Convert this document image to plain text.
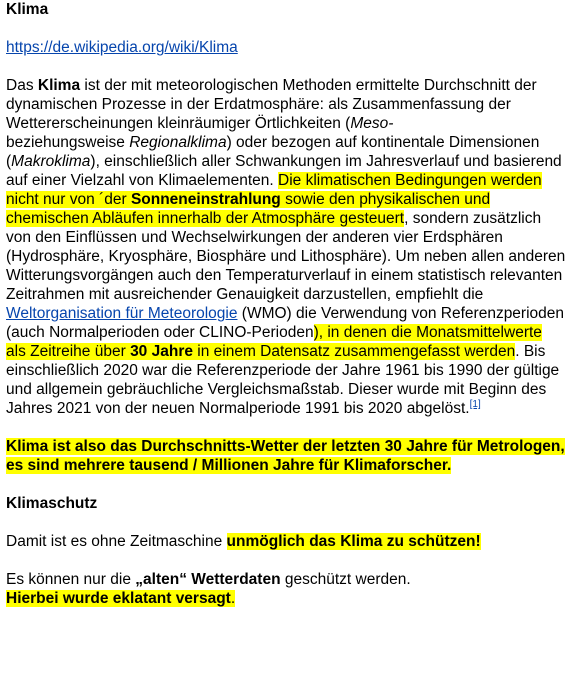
Klima

https://de.wikipedia.org/wiki/Klima

Das Klima ist der mit meteorologischen Methoden ermittelte Durchschnitt der dynamischen Prozesse in der Erdatmosphäre: als Zusammenfassung der Wettererscheinungen kleinräumiger Örtlichkeiten (Meso-
beziehungsweise Regionalklima) oder bezogen auf kontinentale Dimensionen (Makroklima), einschließlich aller Schwankungen im Jahresverlauf und basierend auf einer Vielzahl von Klimaelementen. Die klimatischen Bedingungen werden nicht nur von ´der Sonneneinstrahlung sowie den physikalischen und chemischen Abläufen innerhalb der Atmosphäre gesteuert, sondern zusätzlich von den Einflüssen und Wechselwirkungen der anderen vier Erdsphären (Hydrosphäre, Kryosphäre, Biosphäre und Lithosphäre). Um neben allen anderen Witterungsvorgängen auch den Temperaturverlauf in einem statistisch relevanten Zeitrahmen mit ausreichender Genauigkeit darzustellen, empfiehlt die Weltorganisation für Meteorologie (WMO) die Verwendung von Referenzperioden (auch Normalperioden oder CLINO-Perioden), in denen die Monatsmittelwerte als Zeitreihe über 30 Jahre in einem Datensatz zusammengefasst werden. Bis einschließlich 2020 war die Referenzperiode der Jahre 1961 bis 1990 der gültige und allgemein gebräuchliche Vergleichsmaßstab. Dieser wurde mit Beginn des Jahres 2021 von der neuen Normalperiode 1991 bis 2020 abgelöst.[1]

Klima ist also das Durchschnitts-Wetter der letzten 30 Jahre für Metrologen, es sind mehrere tausend / Millionen Jahre für Klimaforscher.

Klimaschutz

Damit ist es ohne Zeitmaschine unmöglich das Klima zu schützen!

Es können nur die „alten“ Wetterdaten geschützt werden.
Hierbei wurde eklatant versagt.
